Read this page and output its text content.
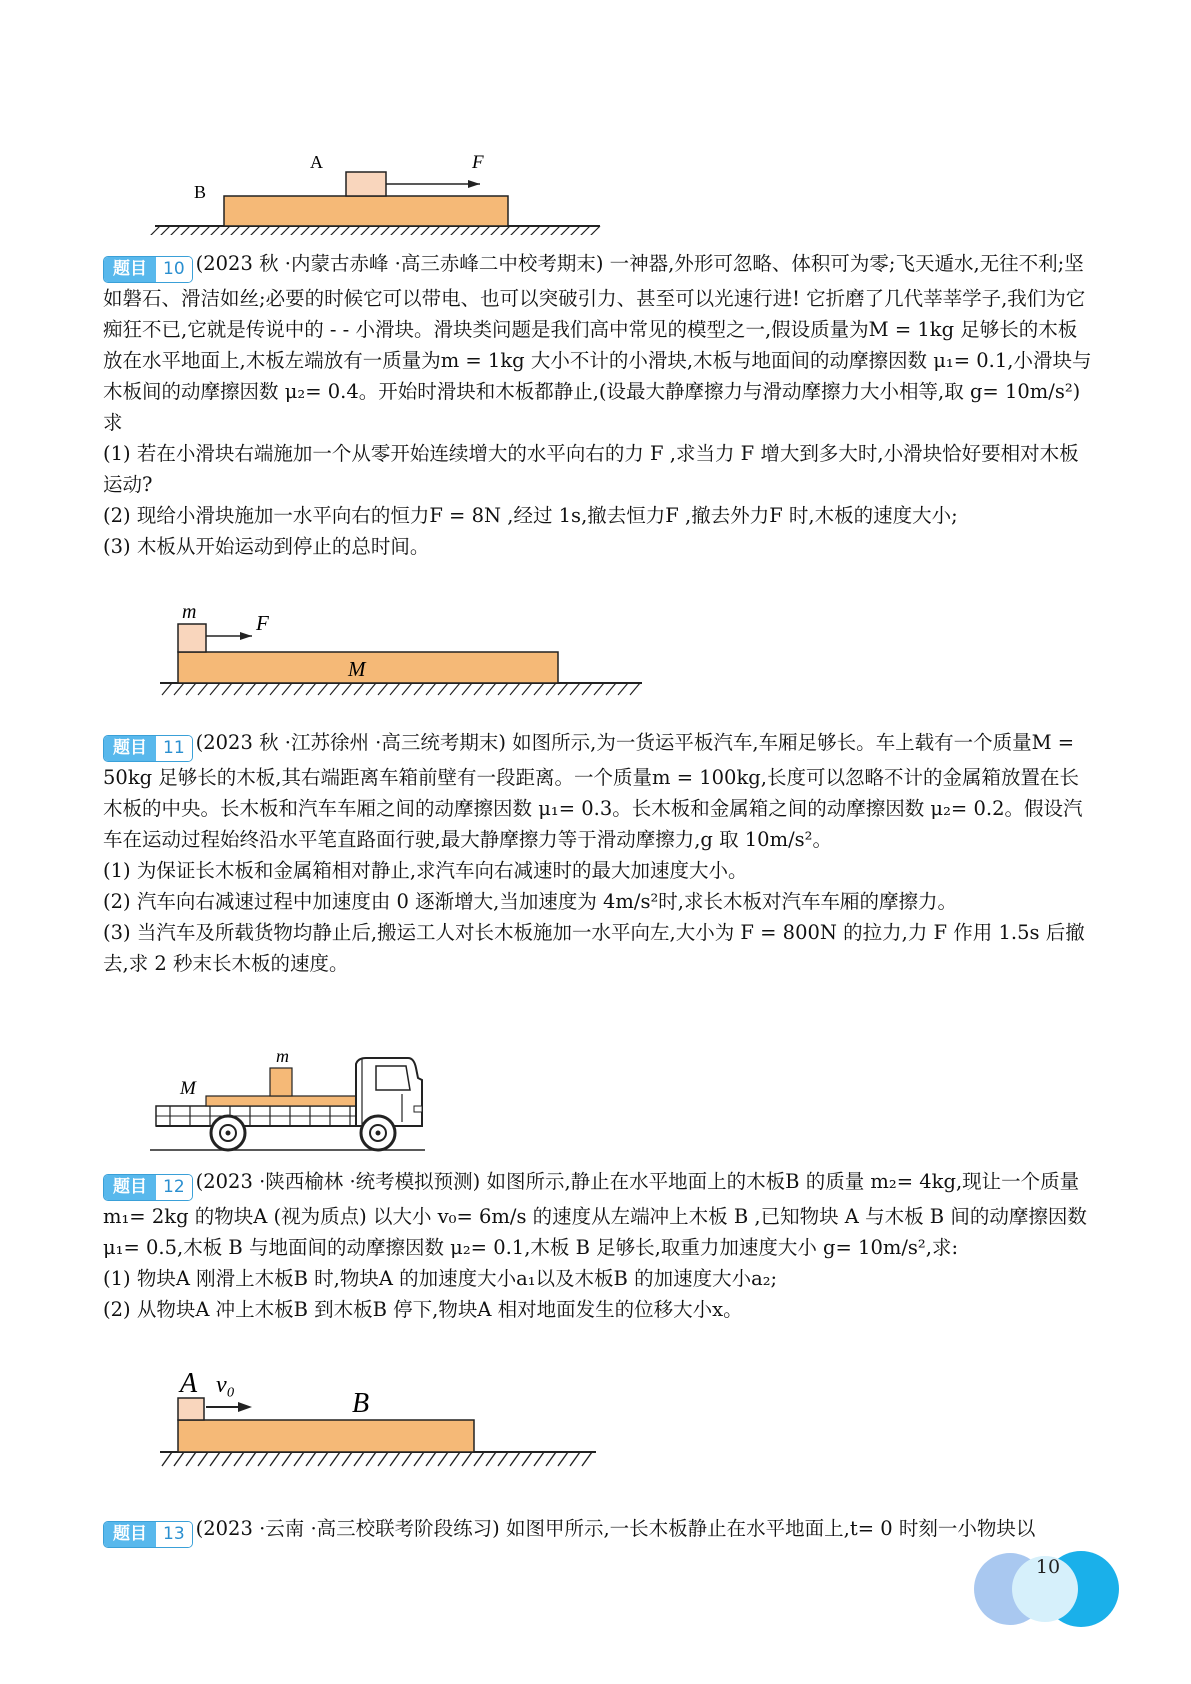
A	F
B

题目 10 (2023 秋 ·内蒙古赤峰 ·高三赤峰二中校考期末) 一神器,外形可忽略、体积可为零;飞天遁水,无往不利;坚如磐石、滑洁如丝;必要的时候它可以带电、也可以突破引力、甚至可以光速行进! 它折磨了几代莘莘学子,我们为它痴狂不已,它就是传说中的 - - 小滑块。滑块类问题是我们高中常见的模型之一,假设质量为M = 1kg 足够长的木板放在水平地面上,木板左端放有一质量为m = 1kg 大小不计的小滑块,木板与地面间的动摩擦因数 μ₁= 0.1,小滑块与木板间的动摩擦因数 μ₂= 0.4。开始时滑块和木板都静止,(设最大静摩擦力与滑动摩擦力大小相等,取 g= 10m/s²) 求

(1) 若在小滑块右端施加一个从零开始连续增大的水平向右的力 F ,求当力 F 增大到多大时,小滑块恰好要相对木板运动?

(2) 现给小滑块施加一水平向右的恒力F = 8N ,经过 1s,撤去恒力F ,撤去外力F 时,木板的速度大小;

(3) 木板从开始运动到停止的总时间。

m	F
M

题目 11 (2023 秋 ·江苏徐州 ·高三统考期末) 如图所示,为一货运平板汽车,车厢足够长。车上载有一个质量M = 50kg 足够长的木板,其右端距离车箱前壁有一段距离。一个质量m = 100kg,长度可以忽略不计的金属箱放置在长木板的中央。长木板和汽车车厢之间的动摩擦因数 μ₁= 0.3。长木板和金属箱之间的动摩擦因数 μ₂= 0.2。假设汽车在运动过程始终沿水平笔直路面行驶,最大静摩擦力等于滑动摩擦力,g 取 10m/s²。

(1) 为保证长木板和金属箱相对静止,求汽车向右减速时的最大加速度大小。

(2) 汽车向右减速过程中加速度由 0 逐渐增大,当加速度为 4m/s²时,求长木板对汽车车厢的摩擦力。

(3) 当汽车及所载货物均静止后,搬运工人对长木板施加一水平向左,大小为 F = 800N 的拉力,力 F 作用 1.5s 后撤去,求 2 秒末长木板的速度。

m
M

题目 12 (2023 ·陕西榆林 ·统考模拟预测) 如图所示,静止在水平地面上的木板B 的质量 m₂= 4kg,现让一个质量 m₁= 2kg 的物块A (视为质点) 以大小 v₀= 6m/s 的速度从左端冲上木板 B ,已知物块 A 与木板 B 间的动摩擦因数 μ₁= 0.5,木板 B 与地面间的动摩擦因数 μ₂= 0.1,木板 B 足够长,取重力加速度大小 g= 10m/s²,求:

(1) 物块A 刚滑上木板B 时,物块A 的加速度大小a₁以及木板B 的加速度大小a₂;

(2) 从物块A 冲上木板B 到木板B 停下,物块A 相对地面发生的位移大小x。

A v₀
B

题目 13 (2023 ·云南 ·高三校联考阶段练习) 如图甲所示,一长木板静止在水平地面上,t= 0 时刻一小物块以

10
